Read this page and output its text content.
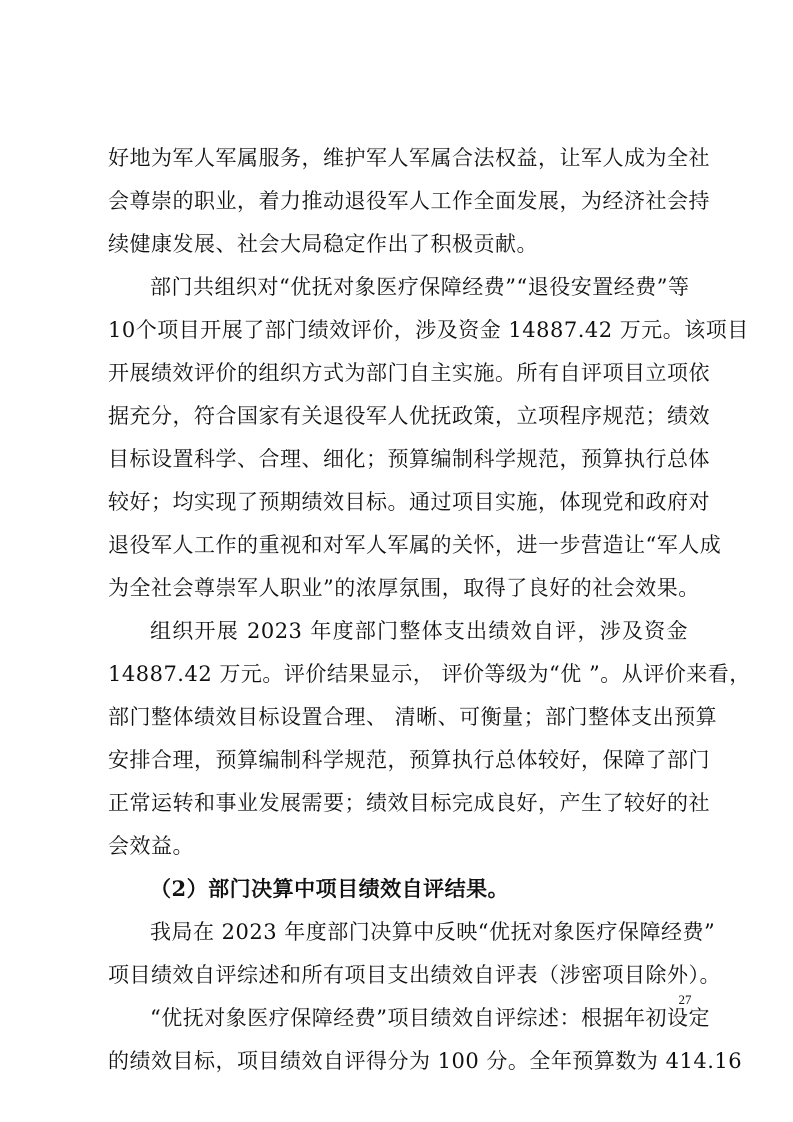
好地为军人军属服务，维护军人军属合法权益，让军人成为全社
会尊崇的职业，着力推动退役军人工作全面发展，为经济社会持
续健康发展、社会大局稳定作出了积极贡献。
部门共组织对“优抚对象医疗保障经费”“退役安置经费”等
10个项目开展了部门绩效评价，涉及资金 14887.42 万元。该项目
开展绩效评价的组织方式为部门自主实施。所有自评项目立项依
据充分，符合国家有关退役军人优抚政策，立项程序规范；绩效
目标设置科学、合理、细化；预算编制科学规范，预算执行总体
较好；均实现了预期绩效目标。通过项目实施，体现党和政府对
退役军人工作的重视和对军人军属的关怀，进一步营造让“军人成
为全社会尊崇军人职业”的浓厚氛围，取得了良好的社会效果。
组织开展 2023 年度部门整体支出绩效自评，涉及资金
14887.42 万元。评价结果显示， 评价等级为“优 ”。从评价来看，
部门整体绩效目标设置合理、 清晰、可衡量；部门整体支出预算
安排合理，预算编制科学规范，预算执行总体较好，保障了部门
正常运转和事业发展需要；绩效目标完成良好，产生了较好的社
会效益。
（2）部门决算中项目绩效自评结果。
我局在 2023 年度部门决算中反映“优抚对象医疗保障经费”
项目绩效自评综述和所有项目支出绩效自评表（涉密项目除外）。
“优抚对象医疗保障经费”项目绩效自评综述：根据年初设定
的绩效目标，项目绩效自评得分为 100 分。全年预算数为 414.16
27
